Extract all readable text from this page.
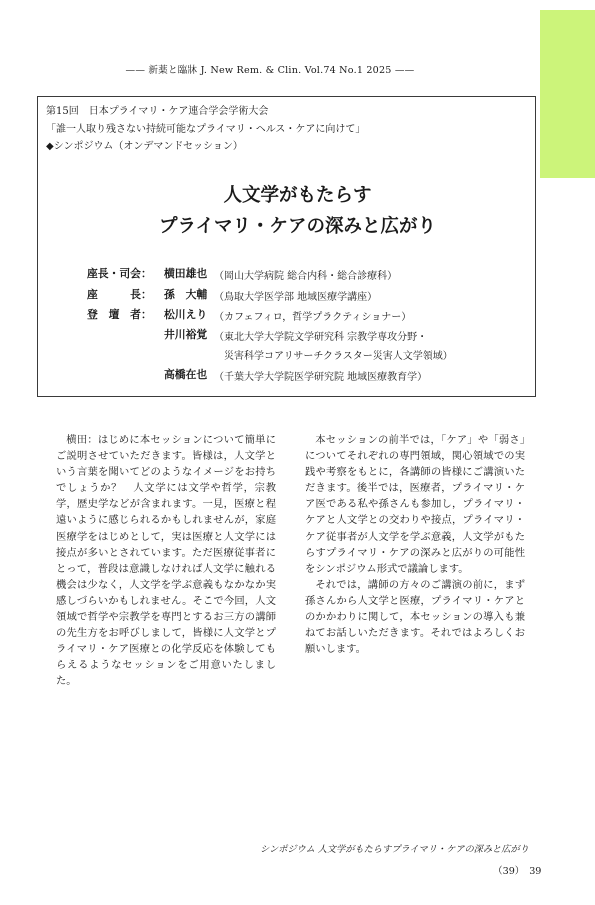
—— 新薬と臨牀 J. New Rem. & Clin. Vol.74 No.1 2025 ——
第15回　日本プライマリ・ケア連合学会学術大会
「誰一人取り残さない持続可能なプライマリ・ヘルス・ケアに向けて」
◆シンポジウム（オンデマンドセッション）
人文学がもたらす
プライマリ・ケアの深みと広がり
座長・司会：	横田雄也 （岡山大学病院 総合内科・総合診療科）
座　　　長：	孫　大輔 （鳥取大学医学部 地域医療学講座）
登　壇　者：	松川えり （カフェフィロ，哲学プラクティショナー）
井川裕覚 （東北大学大学院文学研究科 宗教学専攻分野・
災害科学コアリサーチクラスター災害人文学領域）
高橋在也 （千葉大学大学院医学研究院 地域医療教育学）

横田：はじめに本セッションについて簡単にご説明させていただきます。皆様は，人文学という言葉を聞いてどのようなイメージをお持ちでしょうか？　人文学には文学や哲学，宗教学，歴史学などが含まれます。一見，医療と程遠いように感じられるかもしれませんが，家庭医療学をはじめとして，実は医療と人文学には接点が多いとされています。ただ医療従事者にとって，普段は意識しなければ人文学に触れる機会は少なく，人文学を学ぶ意義もなかなか実感しづらいかもしれません。そこで今回，人文領域で哲学や宗教学を専門とするお三方の講師の先生方をお呼びしまして，皆様に人文学とプライマリ・ケア医療との化学反応を体験してもらえるようなセッションをご用意いたしました。

本セッションの前半では，「ケア」や「弱さ」についてそれぞれの専門領域，関心領域での実践や考察をもとに，各講師の皆様にご講演いただきます。後半では，医療者，プライマリ・ケア医である私や孫さんも参加し，プライマリ・ケアと人文学との交わりや接点，プライマリ・ケア従事者が人文学を学ぶ意義，人文学がもたらすプライマリ・ケアの深みと広がりの可能性をシンポジウム形式で議論します。

それでは，講師の方々のご講演の前に，まず孫さんから人文学と医療，プライマリ・ケアとのかかわりに関して，本セッションの導入も兼ねてお話しいただきます。それではよろしくお願いします。

シンポジウム 人文学がもたらすプライマリ・ケアの深みと広がり
（39）　39
